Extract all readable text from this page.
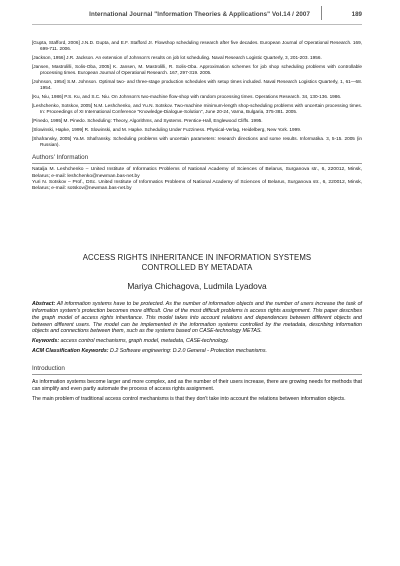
International Journal "Information Theories & Applications" Vol.14 / 2007	189
[Gupta, Stafford, 2006] J.N.D. Gupta, and E.F. Stafford Jr. Flowshop scheduling research after five decades. European Journal of Operational Research. 169, 699-711. 2006.
[Jackson, 1956] J.R. Jackson. An extension of Johnson's results on job lot scheduling. Naval Research Logistic Quarterly, 3, 201-203. 1956.
[Jansen, Mastrolilli, Solis-Oba, 2005] K. Jansen, M. Mastrolilli, R. Solis-Oba. Approximation schemes for job shop scheduling problems with controllable processing times. European Journal of Operational Research. 167, 297-319. 2005.
[Johnson, 1954] S.M. Johnson. Optimal two- and three-stage production schedules with setup times included. Naval Research Logistics Quarterly, 1, 61—68. 1954.
[Ku, Niu, 1986] P.S. Ku, and S.C. Niu. On Johnson's two-machine flow-shop with random processing times. Operations Research. 34, 130-136. 1986.
[Leshchenko, Sotskov, 2005] N.M. Leshchenko, and Yu.N. Sotskov. Two-machine minimum-length shop-scheduling problems with uncertain processing times. In: Proceedings of XI International Conference "Knowledge-Dialogue-Solution", June 20-24, Varna, Bulgaria, 375-381. 2005.
[Pinedo, 1995] M. Pinedo. Scheduling: Theory, Algorithms, and Systems. Prentice-Hall, Englewood Cliffs. 1995.
[Slowinski, Hapke, 1999] R. Slowinski, and M. Hapke. Scheduling Under Fuzziness. Physical-Verlag, Heidelberg, New York. 1999.
[Shafransky, 2005] Ya.M. Shafransky. Scheduling problems with uncertain parameters: research directions and some results. Informatika. 3, 5-15. 2005 (in Russian).
Authors' Information
Natalja M. Leshchenko – United Institute of Informatics Problems of National Academy of Sciences of Belarus, Surganova str., 6, 220012, Minsk, Belarus; e-mail: leshchenko@newman.bas-net.by
Yuri N. Sotskov – Prof., DSc. United Institute of Informatics Problems of National Academy of Sciences of Belarus, Surganova str., 6, 220012, Minsk, Belarus; e-mail: sotskov@newman.bas-net.by
ACCESS RIGHTS INHERITANCE IN INFORMATION SYSTEMS
CONTROLLED BY METADATA
Mariya Chichagova, Ludmila Lyadova
Abstract: All information systems have to be protected. As the number of information objects and the number of users increase the task of information system's protection becomes more difficult. One of the most difficult problems is access rights assignment. This paper describes the graph model of access rights inheritance. This model takes into account relations and dependences between different objects and between different users. The model can be implemented in the information systems controlled by the metadata, describing information objects and connections between them, such as the systems based on CASE-technology METAS.
Keywords: access control mechanisms, graph model, metadata, CASE-technology.
ACM Classification Keywords: D.2 Software engineering: D.2.0 General - Protection mechanisms.
Introduction
As information systems become larger and more complex, and as the number of their users increase, there are growing needs for methods that can simplify and even partly automate the process of access rights assignment.
The main problem of traditional access control mechanisms is that they don't take into account the relations between information objects.
